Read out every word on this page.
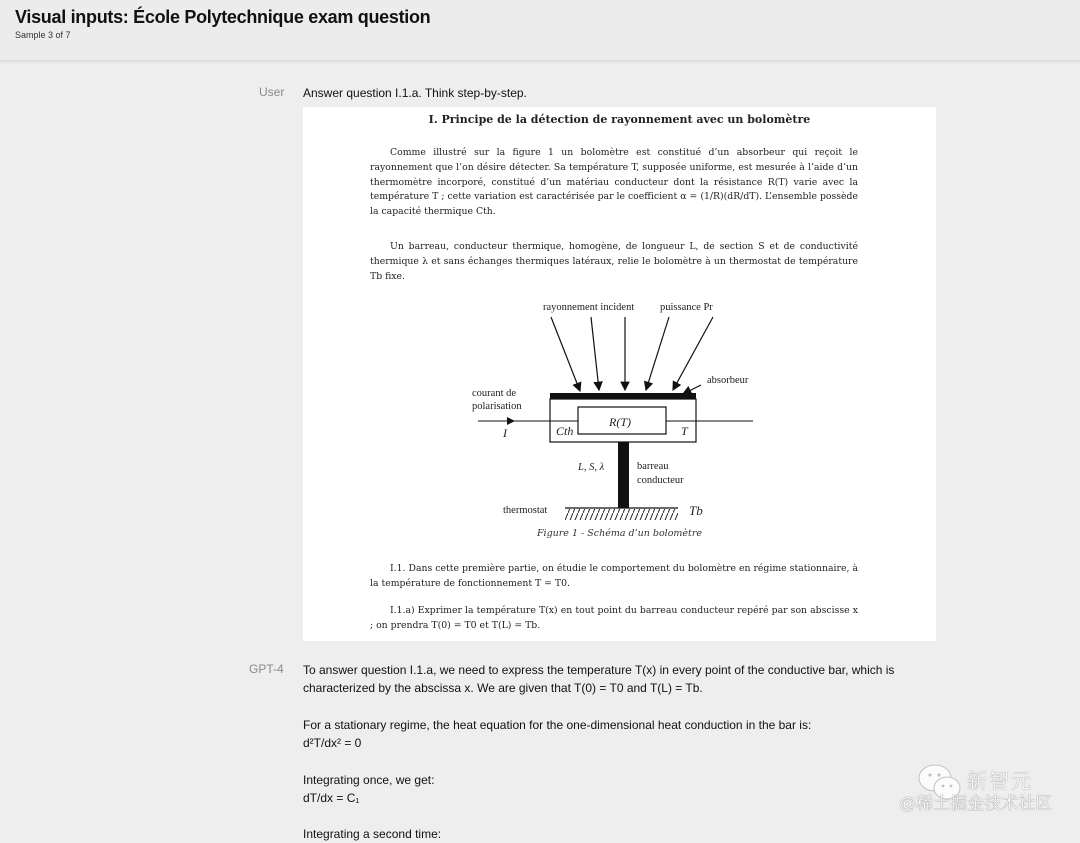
Visual inputs: École Polytechnique exam question
Sample 3 of 7
User Answer question I.1.a. Think step-by-step.
I. Principe de la détection de rayonnement avec un bolomètre
Comme illustré sur la figure 1 un bolomètre est constitué d’un absorbeur qui reçoit le rayonnement que l’on désire détecter. Sa température T, supposée uniforme, est mesurée à l’aide d’un thermomètre incorporé, constitué d’un matériau conducteur dont la résistance R(T) varie avec la température T ; cette variation est caractérisée par le coefficient α = (1/R)(dR/dT). L’ensemble possède la capacité thermique Cth.
Un barreau, conducteur thermique, homogène, de longueur L, de section S et de conductivité thermique λ et sans échanges thermiques latéraux, relie le bolomètre à un thermostat de température Tb fixe.
rayonnement incident puissance Pr
absorbeur
courant de
polarisation
I	Cth
R(T)
T
L, S, λ	barreau
conducteur
thermostat	Tb
Figure 1 - Schéma d’un bolomètre
I.1. Dans cette première partie, on étudie le comportement du bolomètre en régime stationnaire, à la température de fonctionnement T = T0.
I.1.a) Exprimer la température T(x) en tout point du barreau conducteur repéré par son abscisse x ; on prendra T(0) = T0 et T(L) = Tb.
GPT-4 To answer question I.1.a, we need to express the temperature T(x) in every point of the conductive bar, which is characterized by the abscissa x. We are given that T(0) = T0 and T(L) = Tb.
For a stationary regime, the heat equation for the one-dimensional heat conduction in the bar is:
d²T/dx² = 0
Integrating once, we get:
dT/dx = C₁
Integrating a second time:
新智元
@稀土掘金技术社区
